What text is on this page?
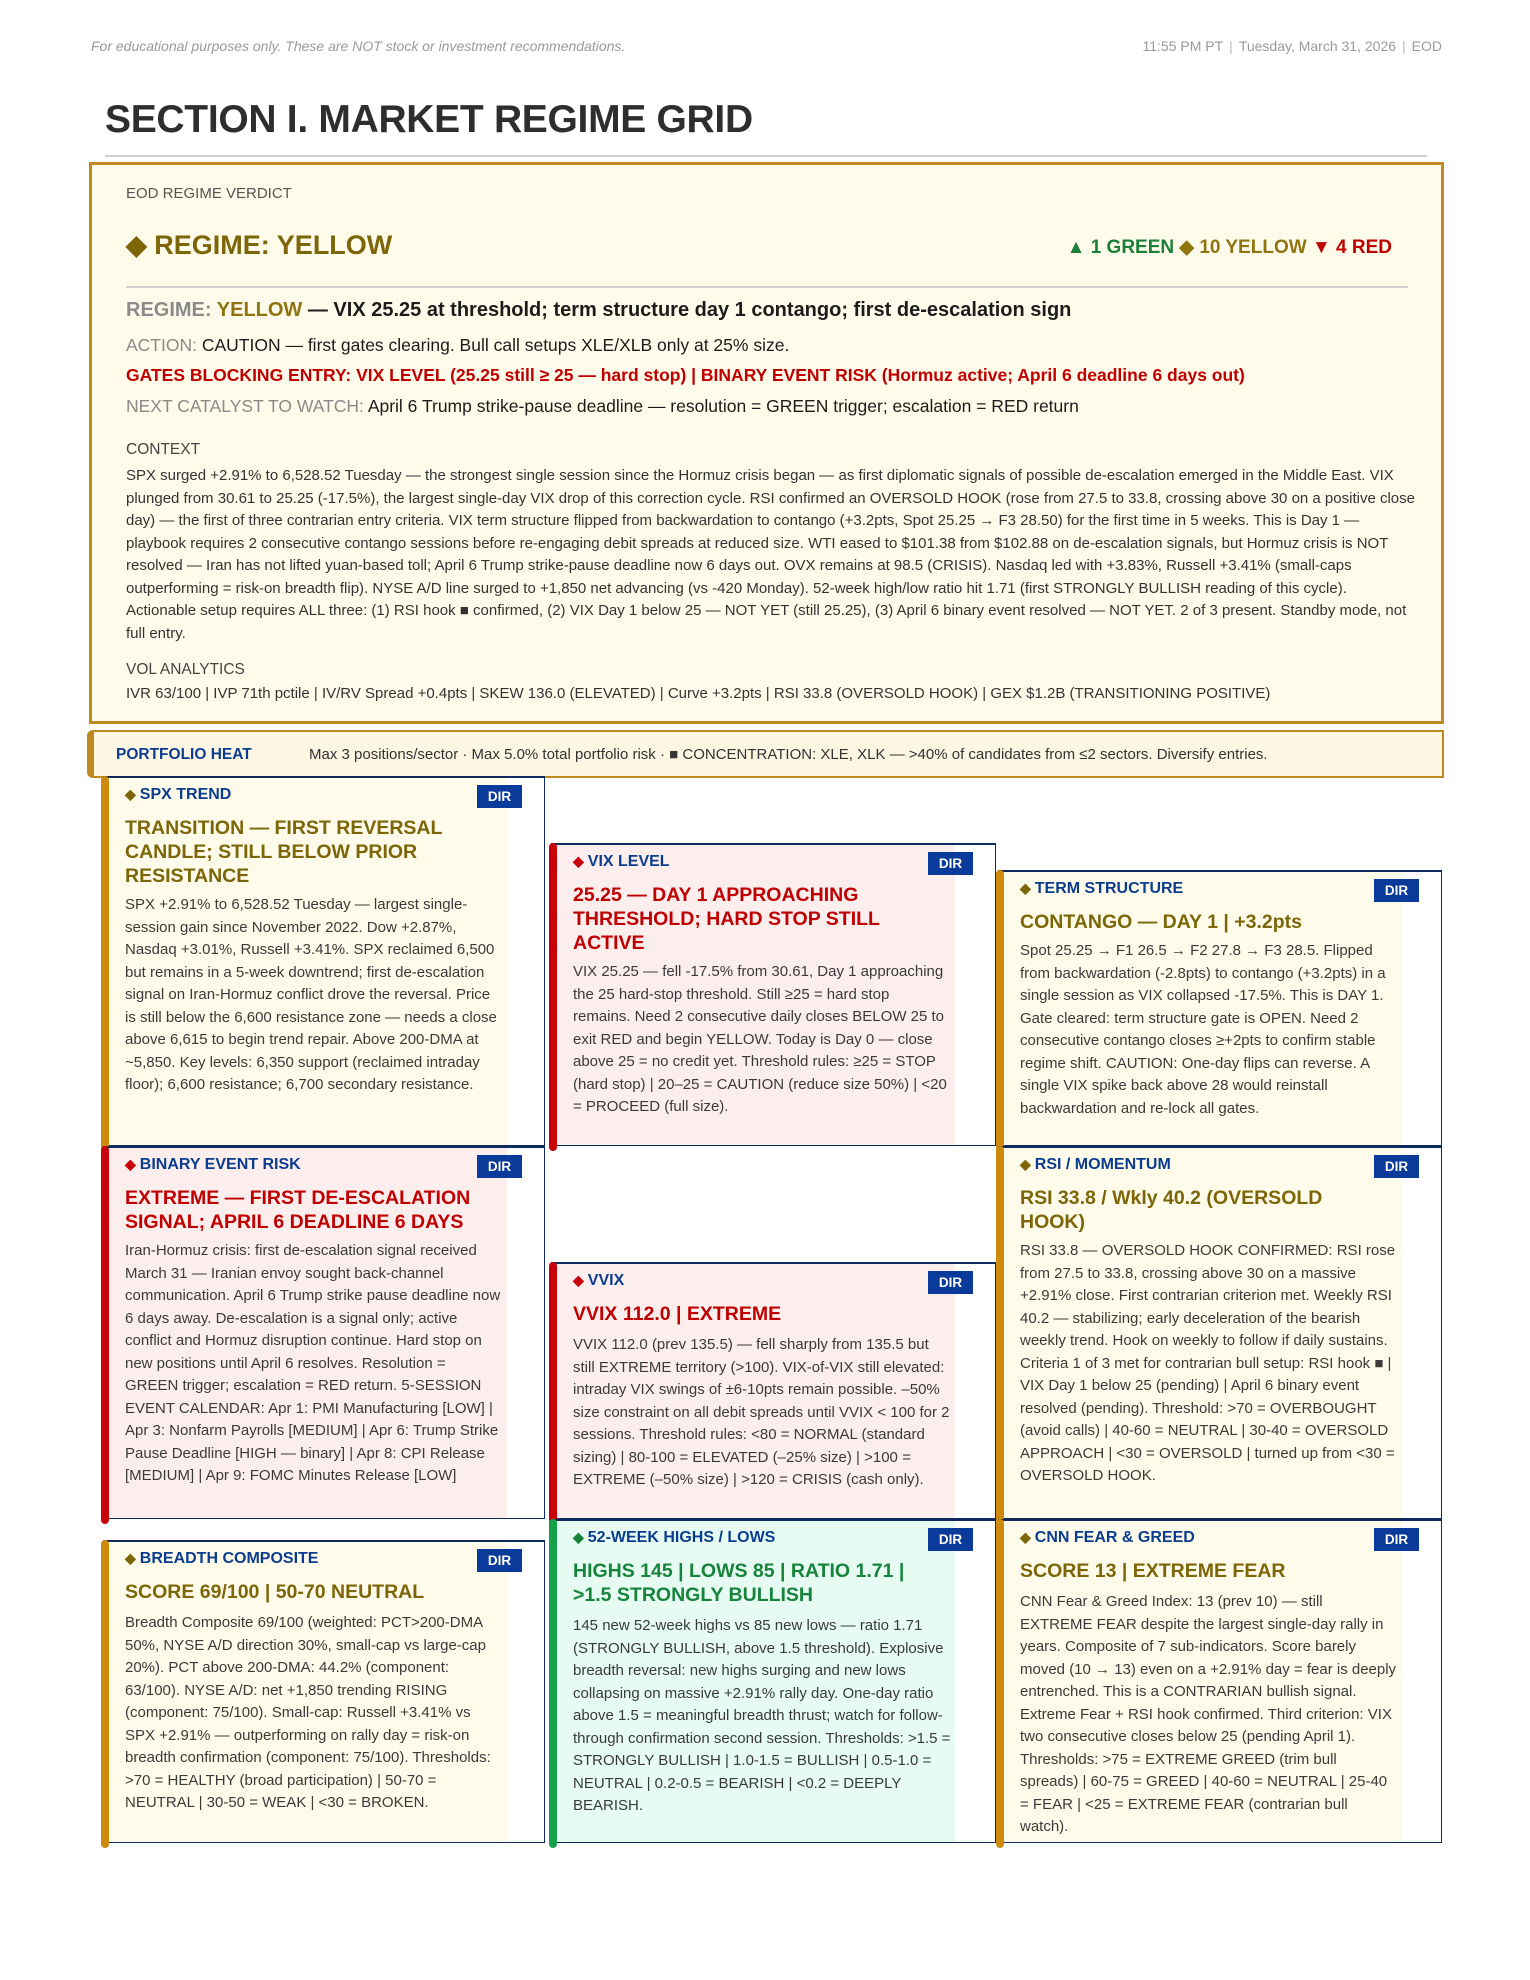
For educational purposes only. These are NOT stock or investment recommendations.	11:55 PM PT | Tuesday, March 31, 2026 | EOD
SECTION I. MARKET REGIME GRID
EOD REGIME VERDICT
◆ REGIME: YELLOW	▲ 1 GREEN ◆ 10 YELLOW ▼ 4 RED
REGIME: YELLOW — VIX 25.25 at threshold; term structure day 1 contango; first de-escalation sign
ACTION: CAUTION — first gates clearing. Bull call setups XLE/XLB only at 25% size.
GATES BLOCKING ENTRY: VIX LEVEL (25.25 still ≥ 25 — hard stop) | BINARY EVENT RISK (Hormuz active; April 6 deadline 6 days out)
NEXT CATALYST TO WATCH: April 6 Trump strike-pause deadline — resolution = GREEN trigger; escalation = RED return
CONTEXT
SPX surged +2.91% to 6,528.52 Tuesday — the strongest single session since the Hormuz crisis began — as first diplomatic signals of possible de-escalation emerged in the Middle East. VIX plunged from 30.61 to 25.25 (-17.5%), the largest single-day VIX drop of this correction cycle. RSI confirmed an OVERSOLD HOOK (rose from 27.5 to 33.8, crossing above 30 on a positive close day) — the first of three contrarian entry criteria. VIX term structure flipped from backwardation to contango (+3.2pts, Spot 25.25 → F3 28.50) for the first time in 5 weeks. This is Day 1 — playbook requires 2 consecutive contango sessions before re-engaging debit spreads at reduced size. WTI eased to $101.38 from $102.88 on de-escalation signals, but Hormuz crisis is NOT resolved — Iran has not lifted yuan-based toll; April 6 Trump strike-pause deadline now 6 days out. OVX remains at 98.5 (CRISIS). Nasdaq led with +3.83%, Russell +3.41% (small-caps outperforming = risk-on breadth flip). NYSE A/D line surged to +1,850 net advancing (vs -420 Monday). 52-week high/low ratio hit 1.71 (first STRONGLY BULLISH reading of this cycle). Actionable setup requires ALL three: (1) RSI hook ■ confirmed, (2) VIX Day 1 below 25 — NOT YET (still 25.25), (3) April 6 binary event resolved — NOT YET. 2 of 3 present. Standby mode, not full entry.
VOL ANALYTICS
IVR 63/100 | IVP 71th pctile | IV/RV Spread +0.4pts | SKEW 136.0 (ELEVATED) | Curve +3.2pts | RSI 33.8 (OVERSOLD HOOK) | GEX $1.2B (TRANSITIONING POSITIVE)
PORTFOLIO HEAT	Max 3 positions/sector · Max 5.0% total portfolio risk · ■ CONCENTRATION: XLE, XLK — >40% of candidates from ≤2 sectors. Diversify entries.
◆ SPX TREND	DIR
TRANSITION — FIRST REVERSAL CANDLE; STILL BELOW PRIOR RESISTANCE
SPX +2.91% to 6,528.52 Tuesday — largest single-session gain since November 2022. Dow +2.87%, Nasdaq +3.01%, Russell +3.41%. SPX reclaimed 6,500 but remains in a 5-week downtrend; first de-escalation signal on Iran-Hormuz conflict drove the reversal. Price is still below the 6,600 resistance zone — needs a close above 6,615 to begin trend repair. Above 200-DMA at ~5,850. Key levels: 6,350 support (reclaimed intraday floor); 6,600 resistance; 6,700 secondary resistance.
◆ VIX LEVEL	DIR
25.25 — DAY 1 APPROACHING THRESHOLD; HARD STOP STILL ACTIVE
VIX 25.25 — fell -17.5% from 30.61, Day 1 approaching the 25 hard-stop threshold. Still ≥25 = hard stop remains. Need 2 consecutive daily closes BELOW 25 to exit RED and begin YELLOW. Today is Day 0 — close above 25 = no credit yet. Threshold rules: ≥25 = STOP (hard stop) | 20–25 = CAUTION (reduce size 50%) | <20 = PROCEED (full size).
◆ TERM STRUCTURE	DIR
CONTANGO — DAY 1 | +3.2pts
Spot 25.25 → F1 26.5 → F2 27.8 → F3 28.5. Flipped from backwardation (-2.8pts) to contango (+3.2pts) in a single session as VIX collapsed -17.5%. This is DAY 1. Gate cleared: term structure gate is OPEN. Need 2 consecutive contango closes ≥+2pts to confirm stable regime shift. CAUTION: One-day flips can reverse. A single VIX spike back above 28 would reinstall backwardation and re-lock all gates.
◆ BINARY EVENT RISK	DIR
EXTREME — FIRST DE-ESCALATION SIGNAL; APRIL 6 DEADLINE 6 DAYS
Iran-Hormuz crisis: first de-escalation signal received March 31 — Iranian envoy sought back-channel communication. April 6 Trump strike pause deadline now 6 days away. De-escalation is a signal only; active conflict and Hormuz disruption continue. Hard stop on new positions until April 6 resolves. Resolution = GREEN trigger; escalation = RED return. 5-SESSION EVENT CALENDAR: Apr 1: PMI Manufacturing [LOW] | Apr 3: Nonfarm Payrolls [MEDIUM] | Apr 6: Trump Strike Pause Deadline [HIGH — binary] | Apr 8: CPI Release [MEDIUM] | Apr 9: FOMC Minutes Release [LOW]
◆ VVIX	DIR
VVIX 112.0 | EXTREME
VVIX 112.0 (prev 135.5) — fell sharply from 135.5 but still EXTREME territory (>100). VIX-of-VIX still elevated: intraday VIX swings of ±6-10pts remain possible. –50% size constraint on all debit spreads until VVIX < 100 for 2 sessions. Threshold rules: <80 = NORMAL (standard sizing) | 80-100 = ELEVATED (–25% size) | >100 = EXTREME (–50% size) | >120 = CRISIS (cash only).
◆ RSI / MOMENTUM	DIR
RSI 33.8 / Wkly 40.2 (OVERSOLD HOOK)
RSI 33.8 — OVERSOLD HOOK CONFIRMED: RSI rose from 27.5 to 33.8, crossing above 30 on a massive +2.91% close. First contrarian criterion met. Weekly RSI 40.2 — stabilizing; early deceleration of the bearish weekly trend. Hook on weekly to follow if daily sustains. Criteria 1 of 3 met for contrarian bull setup: RSI hook ■ | VIX Day 1 below 25 (pending) | April 6 binary event resolved (pending). Threshold: >70 = OVERBOUGHT (avoid calls) | 40-60 = NEUTRAL | 30-40 = OVERSOLD APPROACH | <30 = OVERSOLD | turned up from <30 = OVERSOLD HOOK.
◆ BREADTH COMPOSITE	DIR
SCORE 69/100 | 50-70 NEUTRAL
Breadth Composite 69/100 (weighted: PCT>200-DMA 50%, NYSE A/D direction 30%, small-cap vs large-cap 20%). PCT above 200-DMA: 44.2% (component: 63/100). NYSE A/D: net +1,850 trending RISING (component: 75/100). Small-cap: Russell +3.41% vs SPX +2.91% — outperforming on rally day = risk-on breadth confirmation (component: 75/100). Thresholds: >70 = HEALTHY (broad participation) | 50-70 = NEUTRAL | 30-50 = WEAK | <30 = BROKEN.
◆ 52-WEEK HIGHS / LOWS	DIR
HIGHS 145 | LOWS 85 | RATIO 1.71 | >1.5 STRONGLY BULLISH
145 new 52-week highs vs 85 new lows — ratio 1.71 (STRONGLY BULLISH, above 1.5 threshold). Explosive breadth reversal: new highs surging and new lows collapsing on massive +2.91% rally day. One-day ratio above 1.5 = meaningful breadth thrust; watch for follow-through confirmation second session. Thresholds: >1.5 = STRONGLY BULLISH | 1.0-1.5 = BULLISH | 0.5-1.0 = NEUTRAL | 0.2-0.5 = BEARISH | <0.2 = DEEPLY BEARISH.
◆ CNN FEAR & GREED	DIR
SCORE 13 | EXTREME FEAR
CNN Fear & Greed Index: 13 (prev 10) — still EXTREME FEAR despite the largest single-day rally in years. Composite of 7 sub-indicators. Score barely moved (10 → 13) even on a +2.91% day = fear is deeply entrenched. This is a CONTRARIAN bullish signal. Extreme Fear + RSI hook confirmed. Third criterion: VIX two consecutive closes below 25 (pending April 1). Thresholds: >75 = EXTREME GREED (trim bull spreads) | 60-75 = GREED | 40-60 = NEUTRAL | 25-40 = FEAR | <25 = EXTREME FEAR (contrarian bull watch).
